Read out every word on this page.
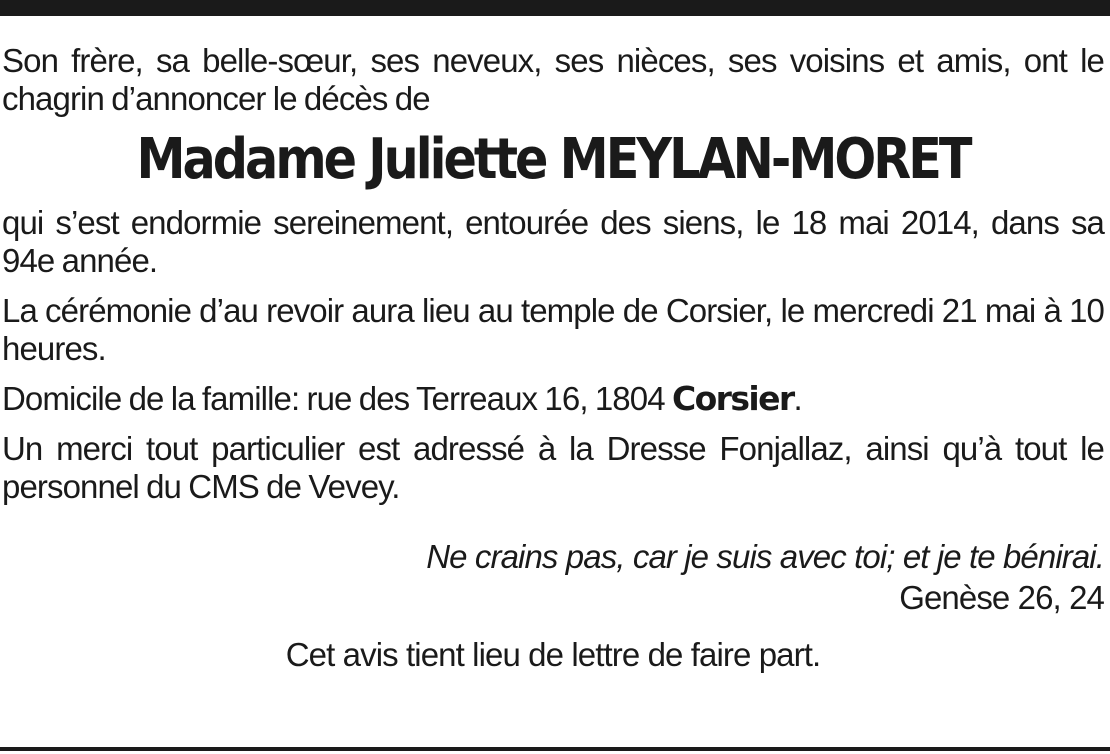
Son frère, sa belle-sœur, ses neveux, ses nièces, ses voisins et amis, ont le chagrin d’annoncer le décès de

Madame Juliette MEYLAN-MORET

qui s’est endormie sereinement, entourée des siens, le 18 mai 2014, dans sa 94e année.

La cérémonie d’au revoir aura lieu au temple de Corsier, le mercredi 21 mai à 10 heures.

Domicile de la famille: rue des Terreaux 16, 1804 Corsier.

Un merci tout particulier est adressé à la Dresse Fonjallaz, ainsi qu’à tout le personnel du CMS de Vevey.

Ne crains pas, car je suis avec toi; et je te bénirai.

Genèse 26, 24

Cet avis tient lieu de lettre de faire part.
